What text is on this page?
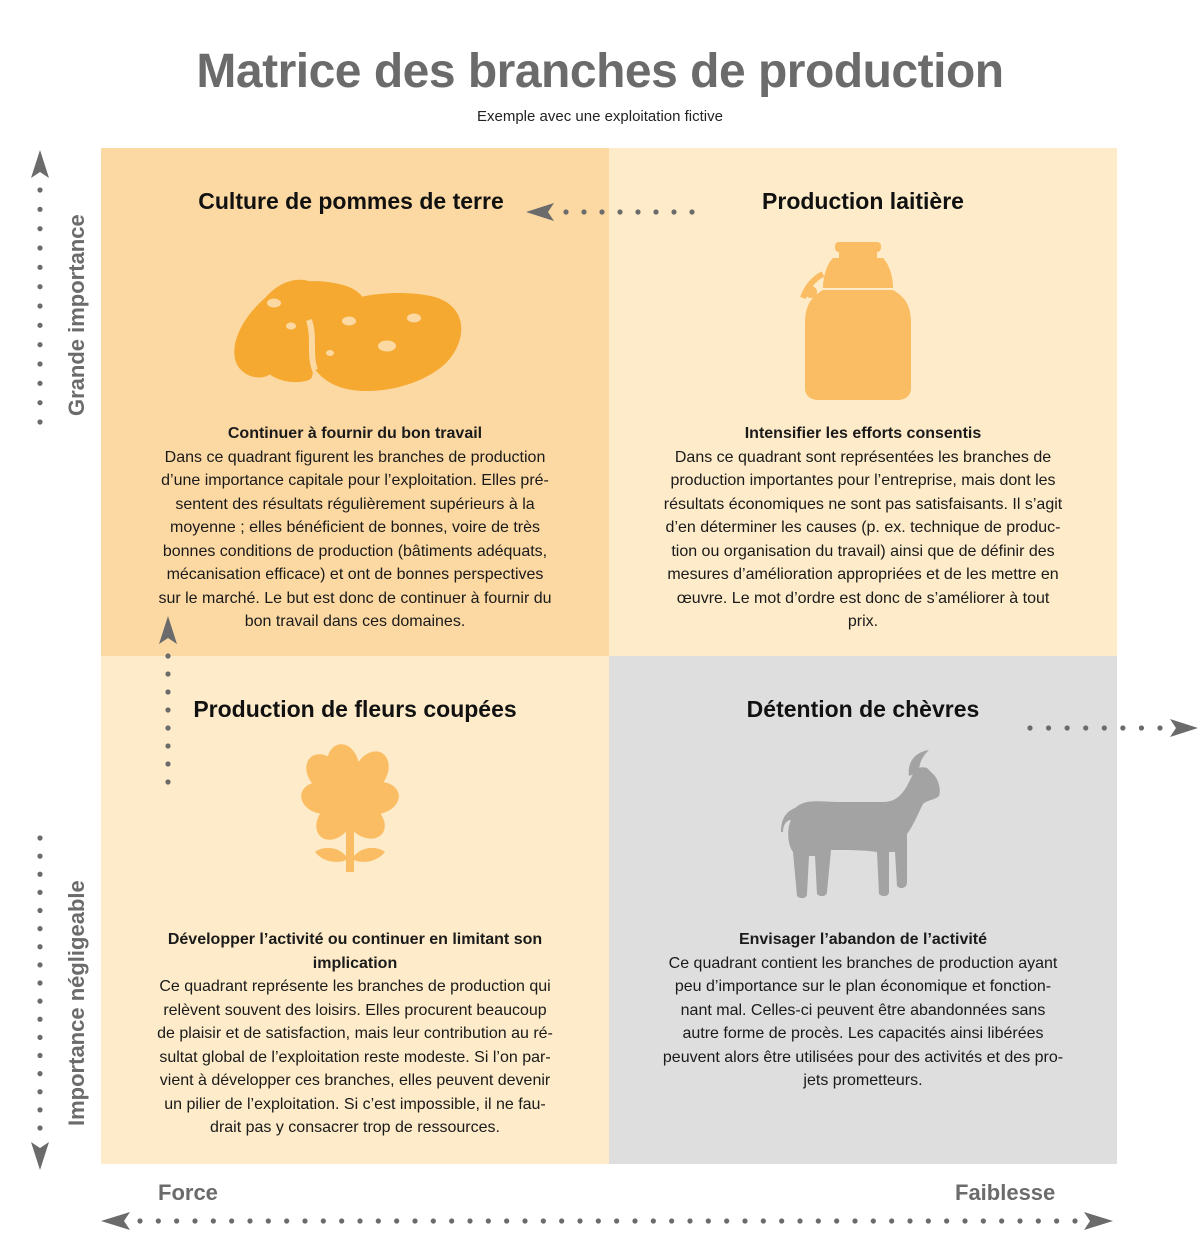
Matrice des branches de production
Exemple avec une exploitation fictive
Culture de pommes de terre
Continuer à fournir du bon travail
Dans ce quadrant figurent les branches de production
d’une importance capitale pour l’exploitation. Elles pré-
sentent des résultats régulièrement supérieurs à la
moyenne ; elles bénéficient de bonnes, voire de très
bonnes conditions de production (bâtiments adéquats,
mécanisation efficace) et ont de bonnes perspectives
sur le marché. Le but est donc de continuer à fournir du
bon travail dans ces domaines.
Production laitière
Intensifier les efforts consentis
Dans ce quadrant sont représentées les branches de
production importantes pour l’entreprise, mais dont les
résultats économiques ne sont pas satisfaisants. Il s’agit
d’en déterminer les causes (p. ex. technique de produc-
tion ou organisation du travail) ainsi que de définir des
mesures d’amélioration appropriées et de les mettre en
œuvre. Le mot d’ordre est donc de s’améliorer à tout
prix.
Production de fleurs coupées
Développer l’activité ou continuer en limitant son
implication
Ce quadrant représente les branches de production qui
relèvent souvent des loisirs. Elles procurent beaucoup
de plaisir et de satisfaction, mais leur contribution au ré-
sultat global de l’exploitation reste modeste. Si l’on par-
vient à développer ces branches, elles peuvent devenir
un pilier de l’exploitation. Si c’est impossible, il ne fau-
drait pas y consacrer trop de ressources.
Détention de chèvres
Envisager l’abandon de l’activité
Ce quadrant contient les branches de production ayant
peu d’importance sur le plan économique et fonction-
nant mal. Celles-ci peuvent être abandonnées sans
autre forme de procès. Les capacités ainsi libérées
peuvent alors être utilisées pour des activités et des pro-
jets prometteurs.
Grande importance
Importance négligeable
Force	Faiblesse
